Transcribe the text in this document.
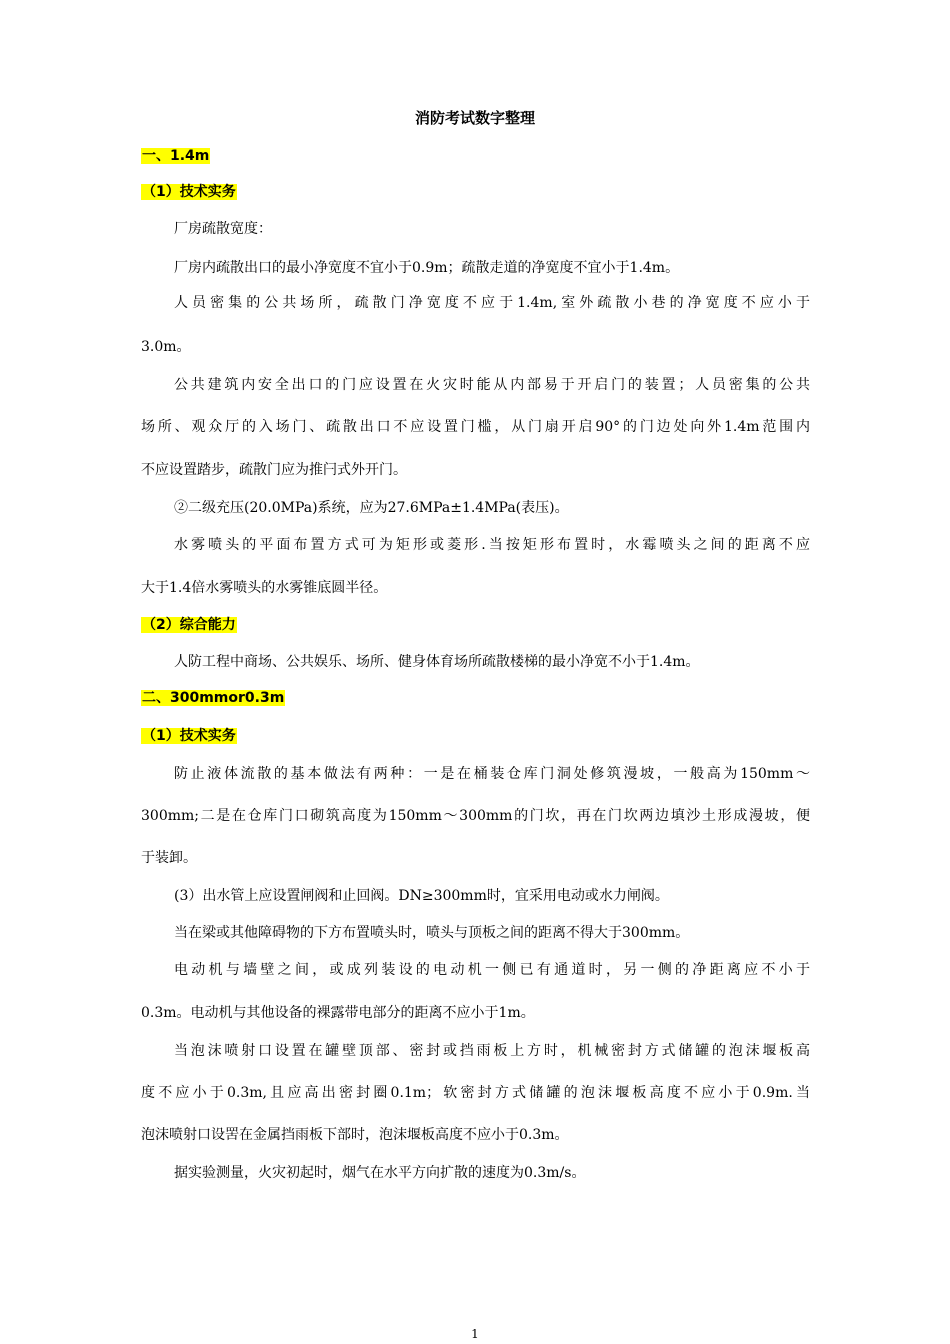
消防考试数字整理
一、1.4m
（1）技术实务
厂房疏散宽度：
厂房内疏散出口的最小净宽度不宜小于0.9m；疏散走道的净宽度不宜小于1.4m。
人员密集的公共场所，疏散门净宽度不应于1.4m,室外疏散小巷的净宽度不应小于
3.0m。
公共建筑内安全出口的门应设置在火灾时能从内部易于开启门的装置；人员密集的公共
场所、观众厅的入场门、疏散出口不应设置门槛，从门扇开启90°的门边处向外1.4m范围内
不应设置踏步，疏散门应为推闩式外开门。
②二级充压(20.0MPa)系统，应为27.6MPa±1.4MPa(表压)。
水雾喷头的平面布置方式可为矩形或菱形.当按矩形布置时，水霉喷头之间的距离不应
大于1.4倍水雾喷头的水雾锥底圆半径。
（2）综合能力
人防工程中商场、公共娱乐、场所、健身体育场所疏散楼梯的最小净宽不小于1.4m。
二、300mmor0.3m
（1）技术实务
防止液体流散的基本做法有两种：一是在桶装仓库门洞处修筑漫坡，一般高为150mm～
300mm;二是在仓库门口砌筑高度为150mm～300mm的门坎，再在门坎两边填沙土形成漫坡，便
于装卸。
(3）出水管上应设置闸阀和止回阀。DN≥300mm时，宜采用电动或水力闸阀。
当在梁或其他障碍物的下方布置喷头时，喷头与顶板之间的距离不得大于300mm。
电动机与墙壁之间，或成列装设的电动机一侧已有通道时，另一侧的净距离应不小于
0.3m。电动机与其他设备的裸露带电部分的距离不应小于1m。
当泡沫喷射口设置在罐壁顶部、密封或挡雨板上方时，机械密封方式储罐的泡沫堰板高
度不应小于0.3m,且应高出密封圈0.1m；软密封方式储罐的泡沫堰板高度不应小于0.9m.当
泡沫喷射口设罟在金属挡雨板下部时，泡沫堰板高度不应小于0.3m。
据实验测量，火灾初起时，烟气在水平方向扩散的速度为0.3m/s。
1
